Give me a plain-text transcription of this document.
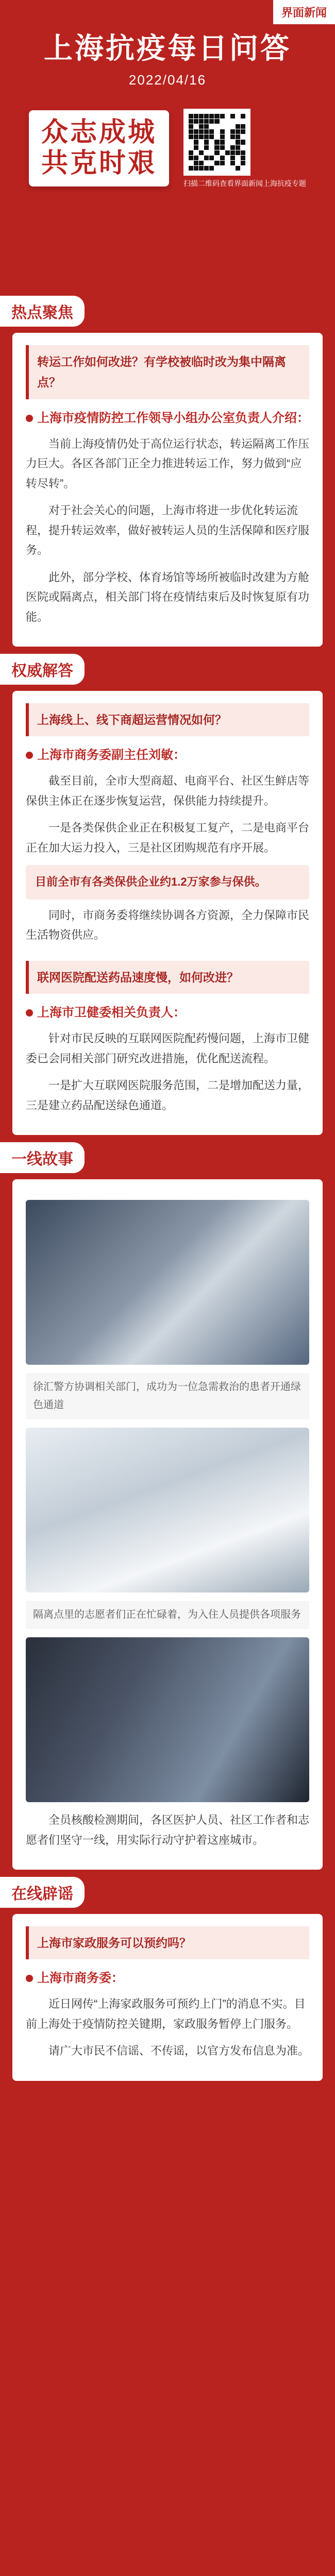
界面新闻
上海抗疫每日问答
2022/04/16
众志成城
共克时艰
扫描二维码查看界面新闻上海抗疫专题
热点聚焦
转运工作如何改进？有学校被临时改为集中隔离点？
上海市疫情防控工作领导小组办公室负责人介绍：

当前上海疫情仍处于高位运行状态，转运隔离工作压力巨大。各区各部门正全力推进转运工作，努力做到“应转尽转”。

对于社会关心的问题，上海市将进一步优化转运流程，提升转运效率，做好被转运人员的生活保障和医疗服务。

此外，部分学校、体育场馆等场所被临时改建为方舱医院或隔离点，相关部门将在疫情结束后及时恢复原有功能。

权威解答
上海线上、线下商超运营情况如何？
上海市商务委副主任刘敏：

截至目前，全市大型商超、电商平台、社区生鲜店等保供主体正在逐步恢复运营，保供能力持续提升。

一是各类保供企业正在积极复工复产，二是电商平台正在加大运力投入，三是社区团购规范有序开展。

目前全市有各类保供企业约1.2万家参与保供。

同时，市商务委将继续协调各方资源，全力保障市民生活物资供应。

联网医院配送药品速度慢，如何改进？
上海市卫健委相关负责人：

针对市民反映的互联网医院配药慢问题，上海市卫健委已会同相关部门研究改进措施，优化配送流程。

一是扩大互联网医院服务范围，二是增加配送力量，三是建立药品配送绿色通道。

一线故事
徐汇警方协调相关部门，成功为一位急需救治的患者开通绿色通道
隔离点里的志愿者们正在忙碌着，为入住人员提供各项服务

全员核酸检测期间，各区医护人员、社区工作者和志愿者们坚守一线，用实际行动守护着这座城市。

在线辟谣
上海市家政服务可以预约吗？
上海市商务委：

近日网传“上海家政服务可预约上门”的消息不实。目前上海处于疫情防控关键期，家政服务暂停上门服务。

请广大市民不信谣、不传谣，以官方发布信息为准。
